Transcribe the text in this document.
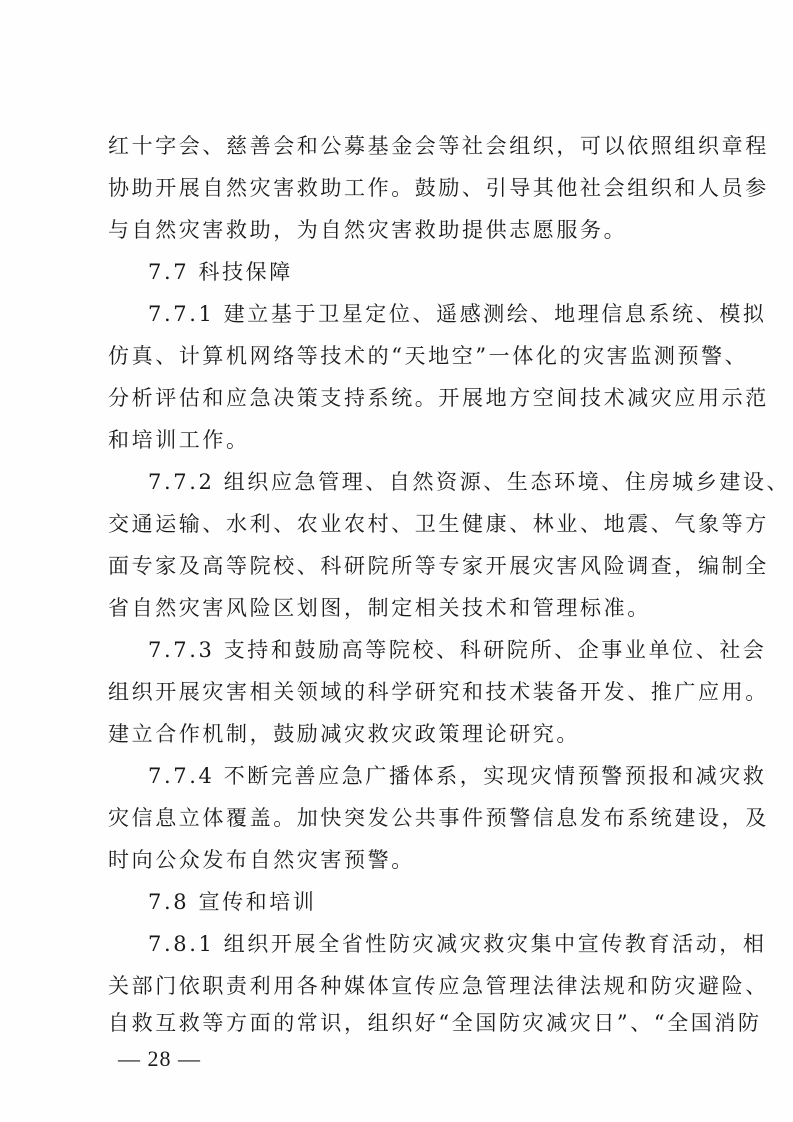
红十字会、慈善会和公募基金会等社会组织，可以依照组织章程
协助开展自然灾害救助工作。鼓励、引导其他社会组织和人员参
与自然灾害救助，为自然灾害救助提供志愿服务。
7.7 科技保障
7.7.1 建立基于卫星定位、遥感测绘、地理信息系统、模拟
仿真、计算机网络等技术的“天地空”一体化的灾害监测预警、
分析评估和应急决策支持系统。开展地方空间技术减灾应用示范
和培训工作。
7.7.2 组织应急管理、自然资源、生态环境、住房城乡建设、
交通运输、水利、农业农村、卫生健康、林业、地震、气象等方
面专家及高等院校、科研院所等专家开展灾害风险调查，编制全
省自然灾害风险区划图，制定相关技术和管理标准。
7.7.3 支持和鼓励高等院校、科研院所、企事业单位、社会
组织开展灾害相关领域的科学研究和技术装备开发、推广应用。
建立合作机制，鼓励减灾救灾政策理论研究。
7.7.4 不断完善应急广播体系，实现灾情预警预报和减灾救
灾信息立体覆盖。加快突发公共事件预警信息发布系统建设，及
时向公众发布自然灾害预警。
7.8 宣传和培训
7.8.1 组织开展全省性防灾减灾救灾集中宣传教育活动，相
关部门依职责利用各种媒体宣传应急管理法律法规和防灾避险、
自救互救等方面的常识，组织好“全国防灾减灾日”、“全国消防
— 28 —
